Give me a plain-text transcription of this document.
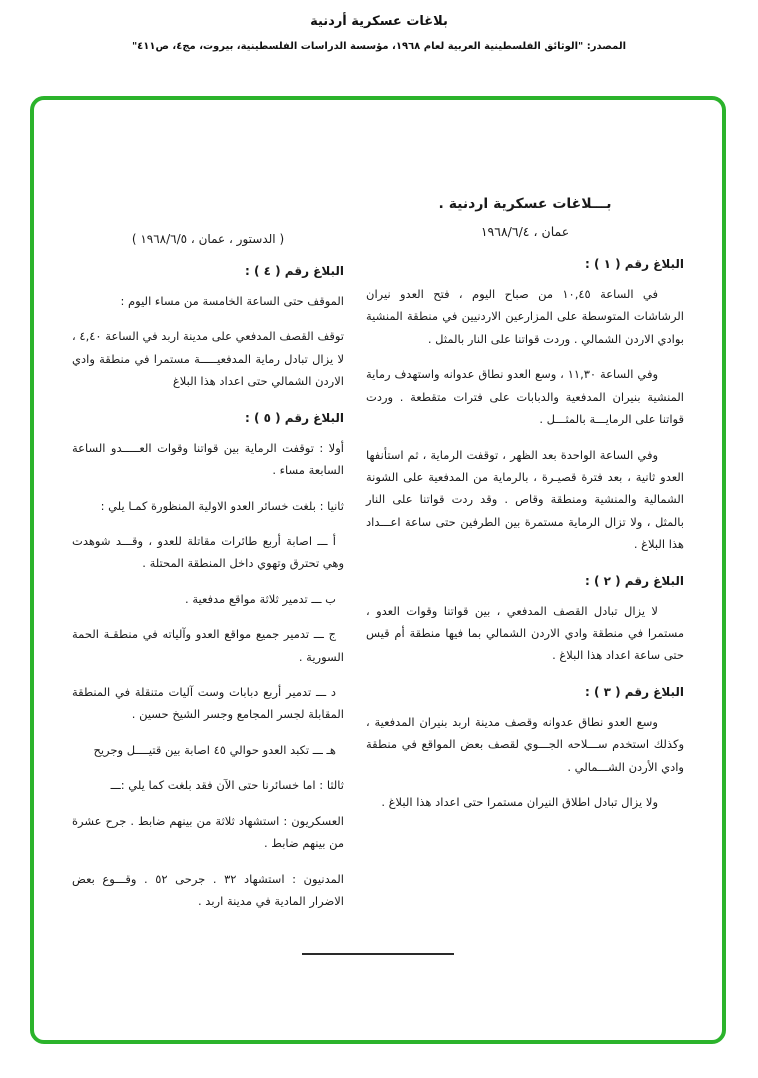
بلاغات عسكرية أردنية
المصدر: "الوثائق الفلسطينية العربية لعام ١٩٦٨، مؤسسة الدراسات الفلسطينية، بيروت، مج٤، ص٤١١"
بـــلاغات عسكرية اردنية .
عمان ، ١٩٦٨/٦/٤
البلاغ رقم ( ١ ) :

في الساعة ١٠,٤٥ من صباح اليوم ، فتح العدو نيران الرشاشات المتوسطة على المزارعين الاردنيين في منطقة المنشية بوادي الاردن الشمالي . وردت قواتنا على النار بالمثل .

وفي الساعة ١١,٣٠ ، وسع العدو نطاق عدوانه واستهدف رماية المنشية بنيران المدفعية والدبابات على فترات متقطعة . وردت قواتنا على الرمايـــة بالمثـــل .

وفي الساعة الواحدة بعد الظهر ، توقفت الرماية ، ثم استأنفها العدو ثانية ، بعد فترة قصيـرة ، بالرماية من المدفعية على الشونة الشمالية والمنشية ومنطقة وقاص . وقد ردت قواتنا على النار بالمثل ، ولا تزال الرماية مستمرة بين الطرفين حتى ساعة اعـــداد هذا البلاغ .

البلاغ رقم ( ٢ ) :

لا يزال تبادل القصف المدفعي ، بين قواتنا وقوات العدو ، مستمرا في منطقة وادي الاردن الشمالي بما فيها منطقة أم قيس حتى ساعة اعداد هذا البلاغ .

البلاغ رقم ( ٣ ) :

وسع العدو نطاق عدوانه وقصف مدينة اربد بنيران المدفعية ، وكذلك استخدم ســـلاحه الجـــوي لقصف بعض المواقع في منطقة وادي الأردن الشـــمالي .

ولا يزال تبادل اطلاق النيران مستمرا حتى اعداد هذا البلاغ .

( الدستور ، عمان ، ١٩٦٨/٦/٥ )
البلاغ رقم ( ٤ ) :

الموقف حتى الساعة الخامسة من مساء اليوم :

توقف القصف المدفعي على مدينة اربد في الساعة ٤,٤٠ ، لا يزال تبادل رماية المدفعيـــــة مستمرا في منطقة وادي الاردن الشمالي حتى اعداد هذا البلاغ

البلاغ رقم ( ٥ ) :

أولا : توقفت الرماية بين قواتنا وقوات العـــــدو الساعة السابعة مساء .

ثانيا : بلغت خسائر العدو الاولية المنظورة كمـا يلي :

أ ـــ اصابة أربع طائرات مقاتلة للعدو ، وقـــد شوهدت وهي تحترق وتهوي داخل المنطقة المحتلة .

ب ـــ تدمير ثلاثة مواقع مدفعية .

ج ـــ تدمير جميع مواقع العدو وآلياته في منطقـة الحمة السورية .

د ـــ تدمير أربع دبابات وست آليات متنقلة في المنطقة المقابلة لجسر المجامع وجسر الشيخ حسين .

هـ ـــ تكبد العدو حوالي ٤٥ اصابة بين قتيــــل وجريح

ثالثا : اما خسائرنا حتى الآن فقد بلغت كما يلي :ـــ

العسكريون : استشهاد ثلاثة من بينهم ضابط . جرح عشرة من بينهم ضابط .

المدنيون : استشهاد ٣٢ . جرحى ٥٢ . وقـــوع بعض الاضرار المادية في مدينة اربد .
